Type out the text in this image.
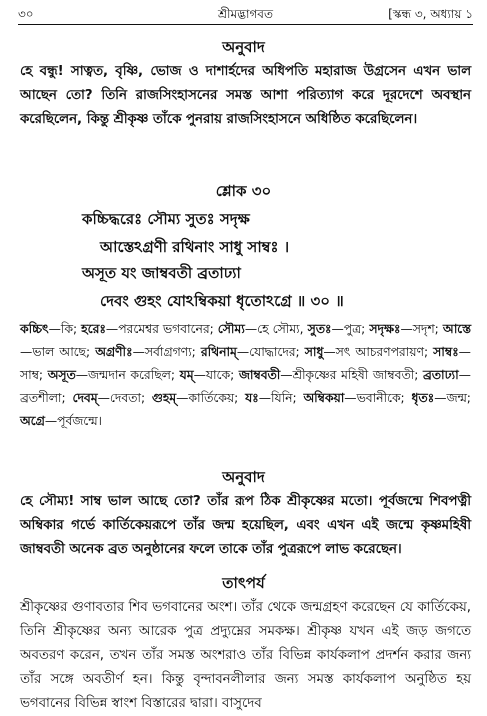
৩০	শ্রীমদ্ভাগবত	[স্কন্ধ ৩, অধ্যায় ১
অনুবাদ
হে বন্ধু! সাত্বত, বৃষ্ণি, ভোজ ও দাশার্হদের অধিপতি মহারাজ উগ্রসেন এখন ভাল আছেন তো? তিনি রাজসিংহাসনের সমস্ত আশা পরিত্যাগ করে দূরদেশে অবস্থান করেছিলেন, কিন্তু শ্রীকৃষ্ণ তাঁকে পুনরায় রাজসিংহাসনে অধিষ্ঠিত করেছিলেন।
শ্লোক ৩০
কচ্চিদ্ধরেঃ সৌম্য সুতঃ সদৃক্ষ
আস্তেঽগ্রণী রথিনাং সাধু সাম্বঃ ।
অসূত যং জাম্ববতী ব্রতাঢ্যা
দেবং গুহং যোঽম্বিকয়া ধৃতোঽগ্রে ॥ ৩০ ॥
কচ্চিৎ—কি; হরেঃ—পরমেশ্বর ভগবানের; সৌম্য—হে সৌম্য, সুতঃ—পুত্র; সদৃক্ষঃ—সদৃশ; আস্তে—ভাল আছে; অগ্রণীঃ—সর্বাগ্রগণ্য; রথিনাম্—যোদ্ধাদের; সাধু—সৎ আচরণপরায়ণ; সাম্বঃ—সাম্ব; অসূত—জন্মদান করেছিল; যম্—যাকে; জাম্ববতী—শ্রীকৃষ্ণের মহিষী জাম্ববতী; ব্রতাঢ্যা—ব্রতশীলা; দেবম্—দেবতা; গুহম্—কার্তিকেয়; যঃ—যিনি; অম্বিকয়া—ভবানীকে; ধৃতঃ—জন্ম; অগ্রে—পূর্বজন্মে।
অনুবাদ
হে সৌম্য! সাম্ব ভাল আছে তো? তাঁর রূপ ঠিক শ্রীকৃষ্ণের মতো। পূর্বজন্মে শিবপত্নী অম্বিকার গর্ভে কার্তিকেয়রূপে তাঁর জন্ম হয়েছিল, এবং এখন এই জন্মে কৃষ্ণমহিষী জাম্ববতী অনেক ব্রত অনুষ্ঠানের ফলে তাকে তাঁর পুত্ররূপে লাভ করেছেন।
তাৎপর্য
শ্রীকৃষ্ণের গুণাবতার শিব ভগবানের অংশ। তাঁর থেকে জন্মগ্রহণ করেছেন যে কার্তিকেয়, তিনি শ্রীকৃষ্ণের অন্য আরেক পুত্র প্রদ্যুম্নের সমকক্ষ। শ্রীকৃষ্ণ যখন এই জড় জগতে অবতরণ করেন, তখন তাঁর সমস্ত অংশরাও তাঁর বিভিন্ন কার্যকলাপ প্রদর্শন করার জন্য তাঁর সঙ্গে অবতীর্ণ হন। কিন্তু বৃন্দাবনলীলার জন্য সমস্ত কার্যকলাপ অনুষ্ঠিত হয় ভগবানের বিভিন্ন স্বাংশ বিস্তারের দ্বারা। বাসুদেব
